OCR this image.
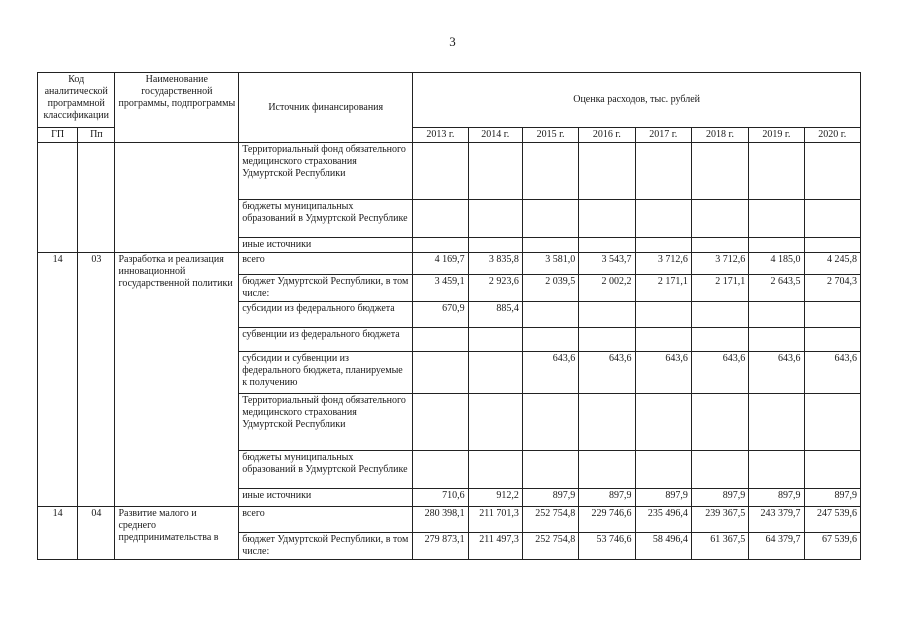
3
Код аналитической программной классификации		Наименование государственной программы, подпрограммы	Источник финансирования	Оценка расходов, тыс. рублей							
ГП	Пп			2013 г.	2014 г.	2015 г.	2016 г.	2017 г.	2018 г.	2019 г.	2020 г.
			Территориальный фонд обязательного медицинского страхования Удмуртской Республики								
			бюджеты муниципальных образований в Удмуртской Республике								
			иные источники								
14	03	Разработка и реализация инновационной государственной политики	всего	4 169,7	3 835,8	3 581,0	3 543,7	3 712,6	3 712,6	4 185,0	4 245,8
			бюджет Удмуртской Республики, в том числе:	3 459,1	2 923,6	2 039,5	2 002,2	2 171,1	2 171,1	2 643,5	2 704,3
			субсидии из федерального бюджета	670,9	885,4						
			субвенции из федерального бюджета								
			субсидии и субвенции из федерального бюджета, планируемые к получению			643,6	643,6	643,6	643,6	643,6	643,6
			Территориальный фонд обязательного медицинского страхования Удмуртской Республики								
			бюджеты муниципальных образований в Удмуртской Республике								
			иные источники	710,6	912,2	897,9	897,9	897,9	897,9	897,9	897,9
14	04	Развитие малого и среднего предпринимательства в	всего	280 398,1	211 701,3	252 754,8	229 746,6	235 496,4	239 367,5	243 379,7	247 539,6
			бюджет Удмуртской Республики, в том числе:	279 873,1	211 497,3	252 754,8	53 746,6	58 496,4	61 367,5	64 379,7	67 539,6
